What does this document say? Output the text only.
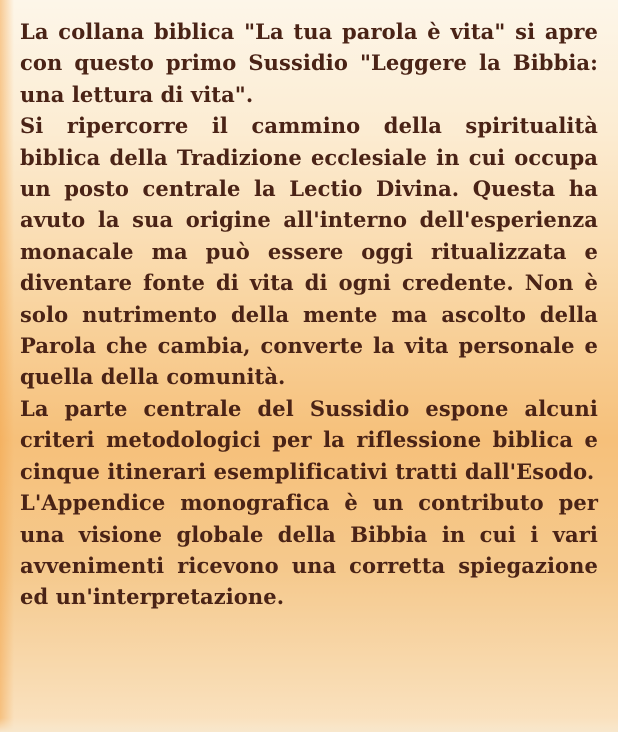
La collana biblica "La tua parola è vita" si apre con questo primo Sussidio "Leggere la Bibbia: una lettura di vita".

Si ripercorre il cammino della spiritualità biblica della Tradizione ecclesiale in cui occupa un posto centrale la Lectio Divina. Questa ha avuto la sua origine all'interno dell'esperienza monacale ma può essere oggi ritualizzata e diventare fonte di vita di ogni credente. Non è solo nutrimento della mente ma ascolto della Parola che cambia, converte la vita personale e quella della comunità.

La parte centrale del Sussidio espone alcuni criteri metodologici per la riflessione biblica e cinque itinerari esemplificativi tratti dall'Esodo.

L'Appendice monografica è un contributo per una visione globale della Bibbia in cui i vari avvenimenti ricevono una corretta spiegazione ed un'interpretazione.
